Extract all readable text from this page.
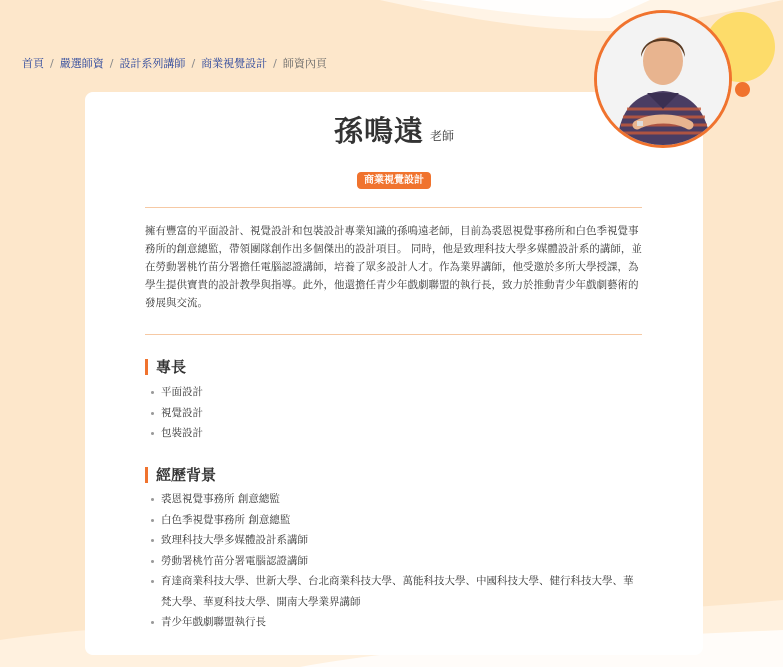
首頁 / 嚴選師資 / 設計系列講師 / 商業視覺設計 / 師資內頁
孫鳴遠 老師
商業視覺設計

擁有豐富的平面設計、視覺設計和包裝設計專業知識的孫鳴遠老師，目前為裘恩視覺事務所和白色季視覺事務所的創意總監，帶領團隊創作出多個傑出的設計項目。 同時，他是致理科技大學多媒體設計系的講師，並在勞動署桃竹苗分署擔任電腦認證講師，培養了眾多設計人才。作為業界講師，他受邀於多所大學授課，為學生提供寶貴的設計教學與指導。此外，他還擔任青少年戲劇聯盟的執行長，致力於推動青少年戲劇藝術的發展與交流。

專長
平面設計
視覺設計
包裝設計
經歷背景
裘恩視覺事務所 創意總監
白色季視覺事務所 創意總監
致理科技大學多媒體設計系講師
勞動署桃竹苗分署電腦認證講師
育達商業科技大學、世新大學、台北商業科技大學、萬能科技大學、中國科技大學、健行科技大學、華梵大學、華夏科技大學、開南大學業界講師
青少年戲劇聯盟執行長
